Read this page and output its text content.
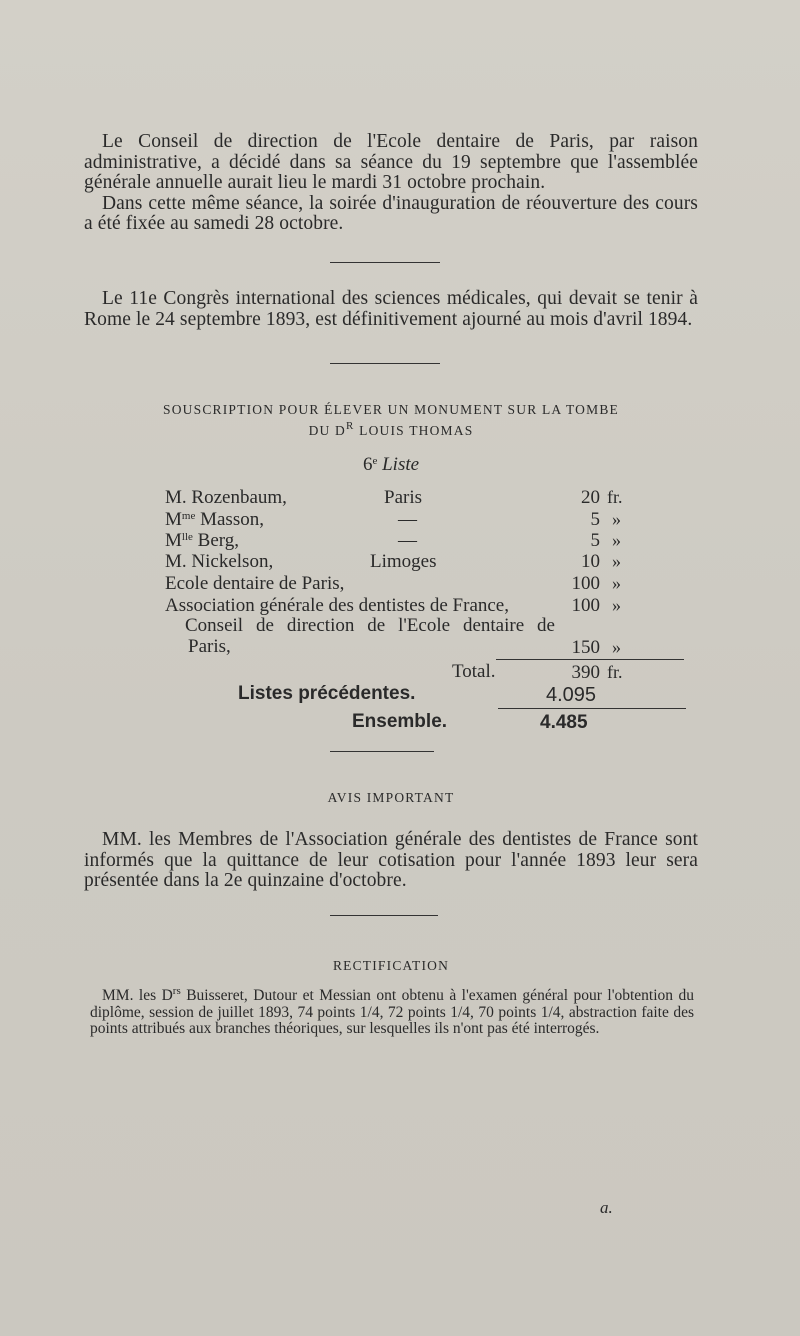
Le Conseil de direction de l'Ecole dentaire de Paris, par raison administrative, a décidé dans sa séance du 19 septembre que l'assemblée générale annuelle aurait lieu le mardi 31 octobre prochain.

Dans cette même séance, la soirée d'inauguration de réouverture des cours a été fixée au samedi 28 octobre.

Le 11e Congrès international des sciences médicales, qui devait se tenir à Rome le 24 septembre 1893, est définitivement ajourné au mois d'avril 1894.

SOUSCRIPTION POUR ÉLEVER UN MONUMENT SUR LA TOMBE
DU $D^R$ LOUIS THOMAS
6e Liste
M. Rozenbaum,	Paris	20 fr.
$M^{me}$ Masson,	—	5 »
$M^{lle}$ Berg,	—	5 »
M. Nickelson,	Limoges	10 »
Ecole dentaire de Paris,	100 »
Association générale des dentistes de France,	100 »
Conseil de direction de l'Ecole dentaire de
Paris,	150 »
Total.	390 fr.
Listes précédentes.	4.095
Ensemble.	4.485
AVIS IMPORTANT

MM. les Membres de l'Association générale des dentistes de France sont informés que la quittance de leur cotisation pour l'année 1893 leur sera présentée dans la 2e quinzaine d'octobre.

RECTIFICATION

MM. les $D^{rs}$ Buisseret, Dutour et Messian ont obtenu à l'examen général pour l'obtention du diplôme, session de juillet 1893, 74 points 1/4, 72 points 1/4, 70 points 1/4, abstraction faite des points attribués aux branches théoriques, sur lesquelles ils n'ont pas été interrogés.

a.
